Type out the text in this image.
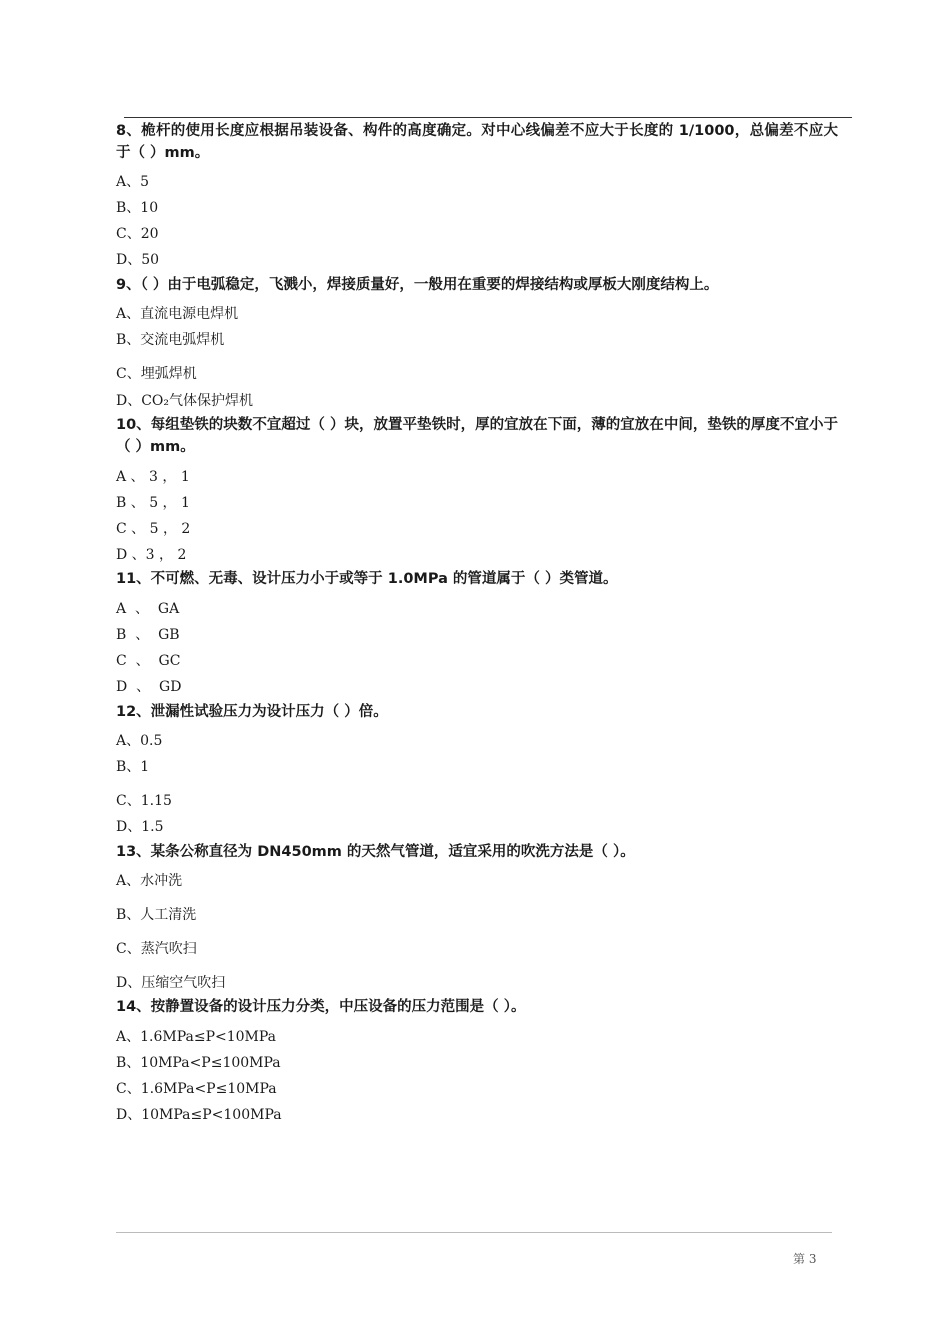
8、桅杆的使用长度应根据吊装设备、构件的高度确定。对中心线偏差不应大于长度的 1/1000，总偏差不应大于（ ）mm。
A、5
B、10
C、20
D、50
9、（ ）由于电弧稳定，飞溅小，焊接质量好，一般用在重要的焊接结构或厚板大刚度结构上。
A、直流电源电焊机
B、交流电弧焊机
C、埋弧焊机
D、CO₂气体保护焊机
10、每组垫铁的块数不宜超过（ ）块，放置平垫铁时，厚的宜放在下面，薄的宜放在中间，垫铁的厚度不宜小于（ ）mm。
A 、 3 ， 1
B 、 5 ， 1
C 、 5 ， 2
D 、3 ， 2
11、不可燃、无毒、设计压力小于或等于 1.0MPa 的管道属于（ ）类管道。
A  、  GA
B  、  GB
C  、  GC
D  、  GD
12、泄漏性试验压力为设计压力（ ）倍。
A、0.5
B、1
C、1.15
D、1.5
13、某条公称直径为 DN450mm 的天然气管道，适宜采用的吹洗方法是（ ）。
A、水冲洗
B、人工清洗
C、蒸汽吹扫
D、压缩空气吹扫
14、按静置设备的设计压力分类，中压设备的压力范围是（ ）。
A、1.6MPa≤P<10MPa
B、10MPa<P≤100MPa
C、1.6MPa<P≤10MPa
D、10MPa≤P<100MPa
第 3
